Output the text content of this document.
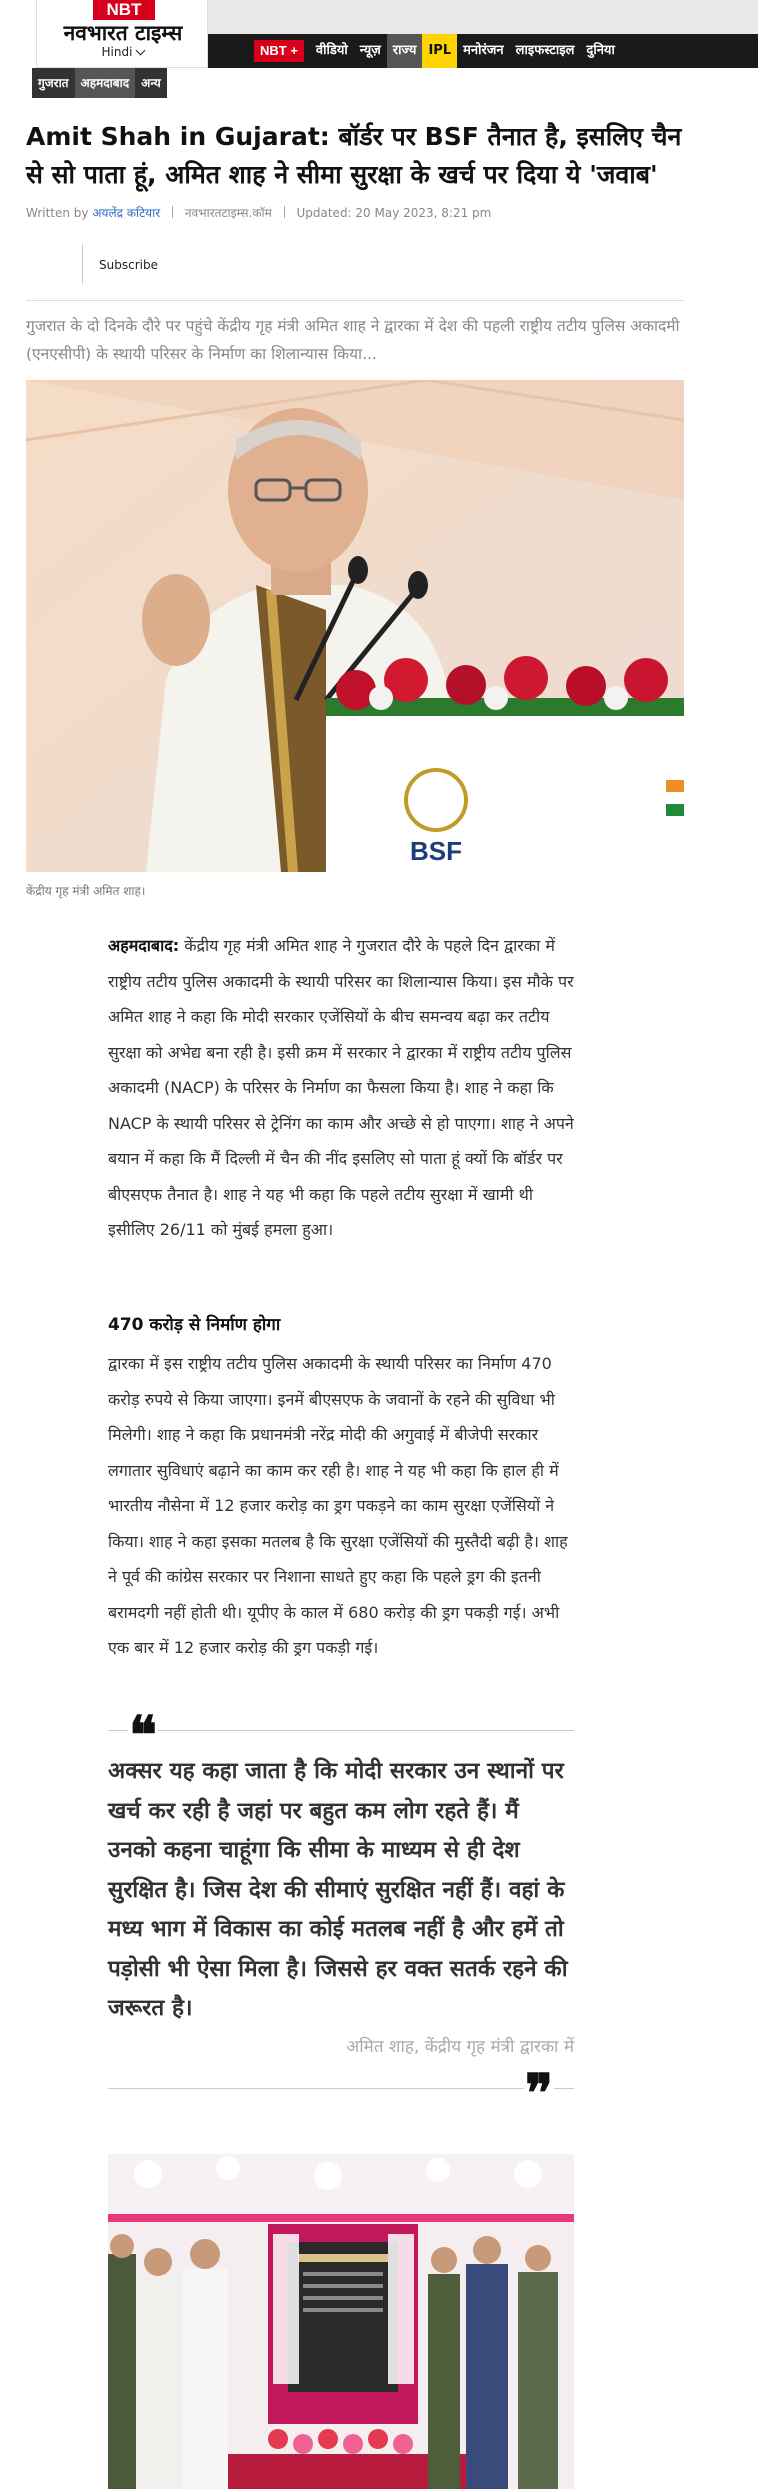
NBT
नवभारत टाइम्स
Hindi	NBT +	वीडियो न्यूज़ राज्य IPL मनोरंजन लाइफस्टाइल दुनिया
गुजरात	अहमदाबाद	अन्य
Amit Shah in Gujarat: बॉर्डर पर BSF तैनात है, इसलिए चैन से सो पाता हूं, अमित शाह ने सीमा सुरक्षा के खर्च पर दिया ये 'जवाब'
Written by अयलेंद्र कटियार नवभारतटाइम्स.कॉम Updated: 20 May 2023, 8:21 pm
Subscribe

गुजरात के दो दिनके दौरे पर पहुंचे केंद्रीय गृह मंत्री अमित शाह ने द्वारका में देश की पहली राष्ट्रीय तटीय पुलिस अकादमी (एनएसीपी) के स्थायी परिसर के निर्माण का शिलान्यास किया...

BSF

केंद्रीय गृह मंत्री अमित शाह।

अहमदाबाद: केंद्रीय गृह मंत्री अमित शाह ने गुजरात दौरे के पहले दिन द्वारका में राष्ट्रीय तटीय पुलिस अकादमी के स्थायी परिसर का शिलान्यास किया। इस मौके पर अमित शाह ने कहा कि मोदी सरकार एजेंसियों के बीच समन्वय बढ़ा कर तटीय सुरक्षा को अभेद्य बना रही है। इसी क्रम में सरकार ने द्वारका में राष्ट्रीय तटीय पुलिस अकादमी (NACP) के परिसर के निर्माण का फैसला किया है। शाह ने कहा कि NACP के स्थायी परिसर से ट्रेनिंग का काम और अच्छे से हो पाएगा। शाह ने अपने बयान में कहा कि मैं दिल्ली में चैन की नींद इसलिए सो पाता हूं क्यों कि बॉर्डर पर बीएसएफ तैनात है। शाह ने यह भी कहा कि पहले तटीय सुरक्षा में खामी थी इसीलिए 26/11 को मुंबई हमला हुआ।

470 करोड़ से निर्माण होगा

द्वारका में इस राष्ट्रीय तटीय पुलिस अकादमी के स्थायी परिसर का निर्माण 470 करोड़ रुपये से किया जाएगा। इनमें बीएसएफ के जवानों के रहने की सुविधा भी मिलेगी। शाह ने कहा कि प्रधानमंत्री नरेंद्र मोदी की अगुवाई में बीजेपी सरकार लगातार सुविधाएं बढ़ाने का काम कर रही है। शाह ने यह भी कहा कि हाल ही में भारतीय नौसेना में 12 हजार करोड़ का ड्रग पकड़ने का काम सुरक्षा एजेंसियों ने किया। शाह ने कहा इसका मतलब है कि सुरक्षा एजेंसियों की मुस्तैदी बढ़ी है। शाह ने पूर्व की कांग्रेस सरकार पर निशाना साधते हुए कहा कि पहले ड्रग की इतनी बरामदगी नहीं होती थी। यूपीए के काल में 680 करोड़ की ड्रग पकड़ी गई। अभी एक बार में 12 हजार करोड़ की ड्रग पकड़ी गई।

❝
अक्सर यह कहा जाता है कि मोदी सरकार उन स्थानों पर खर्च कर रही है जहां पर बहुत कम लोग रहते हैं। मैं उनको कहना चाहूंगा कि सीमा के माध्यम से ही देश सुरक्षित है। जिस देश की सीमाएं सुरक्षित नहीं हैं। वहां के मध्य भाग में विकास का कोई मतलब नहीं है और हमें तो पड़ोसी भी ऐसा मिला है। जिससे हर वक्त सतर्क रहने की जरूरत है।
अमित शाह, केंद्रीय गृह मंत्री द्वारका में
❞
